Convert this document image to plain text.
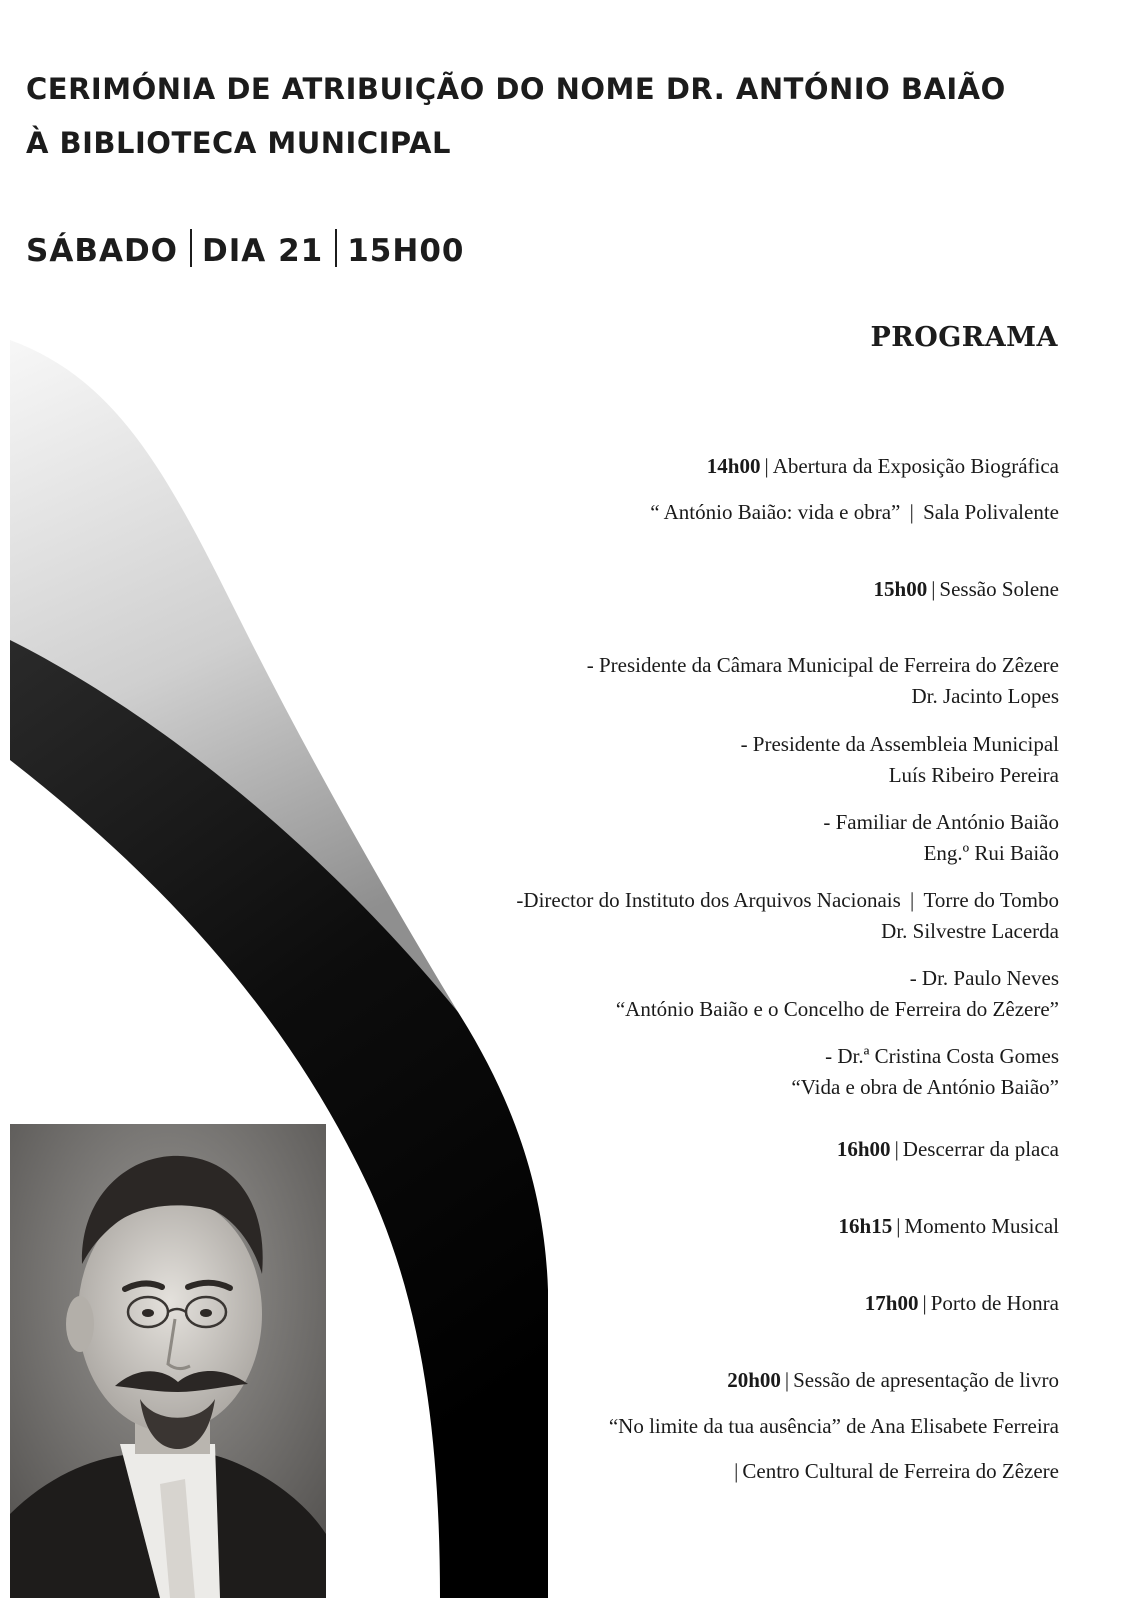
CERIMÓNIA DE ATRIBUIÇÃO DO NOME DR. ANTÓNIO BAIÃO
À BIBLIOTECA MUNICIPAL
SÁBADO DIA 21 15H00
PROGRAMA
14h00 | Abertura da Exposição Biográfica
“ António Baião: vida e obra” | Sala Polivalente
15h00 | Sessão Solene
- Presidente da Câmara Municipal de Ferreira do Zêzere
Dr. Jacinto Lopes
- Presidente da Assembleia Municipal
Luís Ribeiro Pereira
- Familiar de António Baião
Eng.º Rui Baião
-Director do Instituto dos Arquivos Nacionais | Torre do Tombo
Dr. Silvestre Lacerda
- Dr. Paulo Neves
“António Baião e o Concelho de Ferreira do Zêzere”
- Dr.ª Cristina Costa Gomes
“Vida e obra de António Baião”
16h00 | Descerrar da placa
16h15 | Momento Musical
17h00 | Porto de Honra
20h00 | Sessão de apresentação de livro
“No limite da tua ausência” de Ana Elisabete Ferreira
| Centro Cultural de Ferreira do Zêzere
